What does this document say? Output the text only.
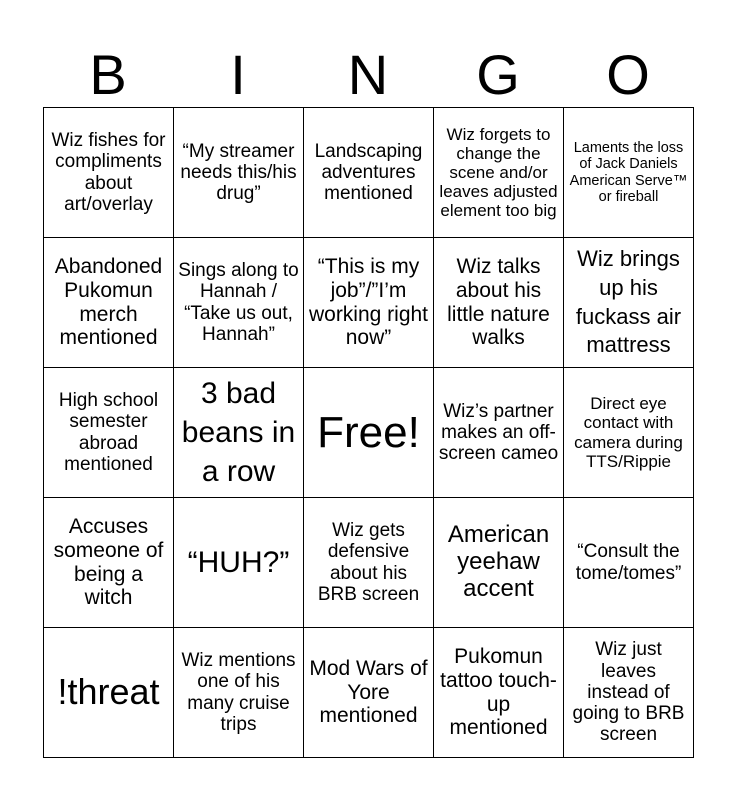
B	I	N	G	O
Wiz fishes for compliments about art/overlay	“My streamer needs this/his drug”	Landscaping adventures mentioned	Wiz forgets to change the scene and/or leaves adjusted element too big	Laments the loss of Jack Daniels American Serve™ or fireball
Abandoned Pukomun merch mentioned	Sings along to Hannah / “Take us out, Hannah”	“This is my job”/”I’m working right now”	Wiz talks about his little nature walks	Wiz brings up his fuckass air mattress
High school semester abroad mentioned	3 bad beans in a row	Free!	Wiz’s partner makes an off-screen cameo	Direct eye contact with camera during TTS/Rippie
Accuses someone of being a witch	“HUH?”	Wiz gets defensive about his BRB screen	American yeehaw accent	“Consult the tome/tomes”
!threat	Wiz mentions one of his many cruise trips	Mod Wars of Yore mentioned	Pukomun tattoo touch-up mentioned	Wiz just leaves instead of going to BRB screen
